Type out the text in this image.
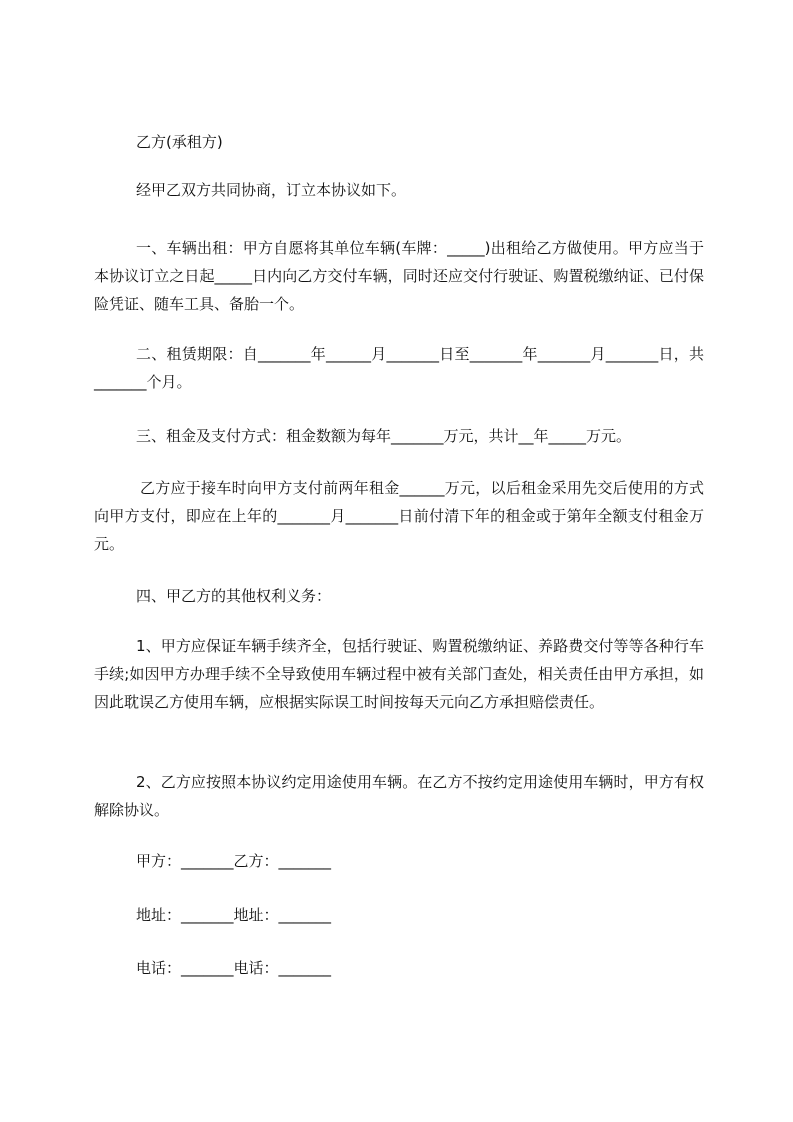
乙方(承租方)

经甲乙双方共同协商，订立本协议如下。

一、车辆出租：甲方自愿将其单位车辆(车牌：_____)出租给乙方做使用。甲方应当于本协议订立之日起_____日内向乙方交付车辆，同时还应交付行驶证、购置税缴纳证、已付保险凭证、随车工具、备胎一个。

二、租赁期限：自_______年______月_______日至_______年_______月_______日，共_______个月。

三、租金及支付方式：租金数额为每年_______万元，共计__年_____万元。

乙方应于接车时向甲方支付前两年租金______万元，以后租金采用先交后使用的方式向甲方支付，即应在上年的_______月_______日前付清下年的租金或于第年全额支付租金万元。

四、甲乙方的其他权利义务：

1、甲方应保证车辆手续齐全，包括行驶证、购置税缴纳证、养路费交付等等各种行车手续;如因甲方办理手续不全导致使用车辆过程中被有关部门查处，相关责任由甲方承担，如因此耽误乙方使用车辆，应根据实际误工时间按每天元向乙方承担赔偿责任。

2、乙方应按照本协议约定用途使用车辆。在乙方不按约定用途使用车辆时，甲方有权解除协议。

甲方：_______乙方：_______

地址：_______地址：_______

电话：_______电话：_______
